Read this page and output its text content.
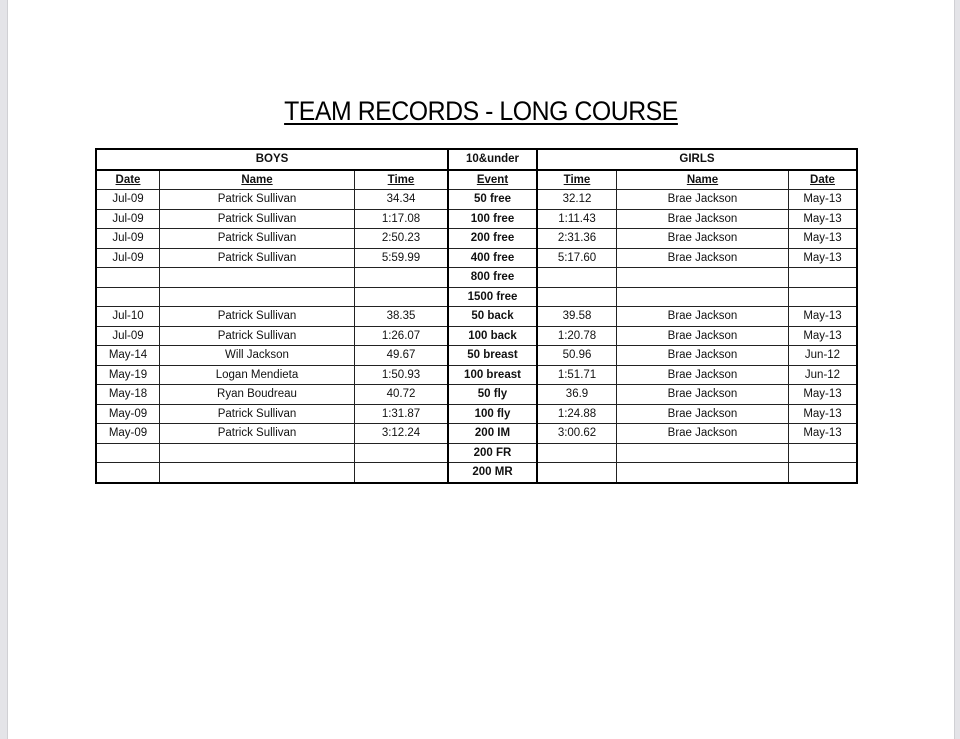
TEAM RECORDS - LONG COURSE
BOYS			10&under	GIRLS		
Date	Name	Time	Event	Time	Name	Date
Jul-09	Patrick Sullivan	34.34	50 free	32.12	Brae Jackson	May-13
Jul-09	Patrick Sullivan	1:17.08	100 free	1:11.43	Brae Jackson	May-13
Jul-09	Patrick Sullivan	2:50.23	200 free	2:31.36	Brae Jackson	May-13
Jul-09	Patrick Sullivan	5:59.99	400 free	5:17.60	Brae Jackson	May-13
			800 free			
			1500 free			
Jul-10	Patrick Sullivan	38.35	50 back	39.58	Brae Jackson	May-13
Jul-09	Patrick Sullivan	1:26.07	100 back	1:20.78	Brae Jackson	May-13
May-14	Will Jackson	49.67	50 breast	50.96	Brae Jackson	Jun-12
May-19	Logan Mendieta	1:50.93	100 breast	1:51.71	Brae Jackson	Jun-12
May-18	Ryan Boudreau	40.72	50 fly	36.9	Brae Jackson	May-13
May-09	Patrick Sullivan	1:31.87	100 fly	1:24.88	Brae Jackson	May-13
May-09	Patrick Sullivan	3:12.24	200 IM	3:00.62	Brae Jackson	May-13
			200 FR			
			200 MR			
